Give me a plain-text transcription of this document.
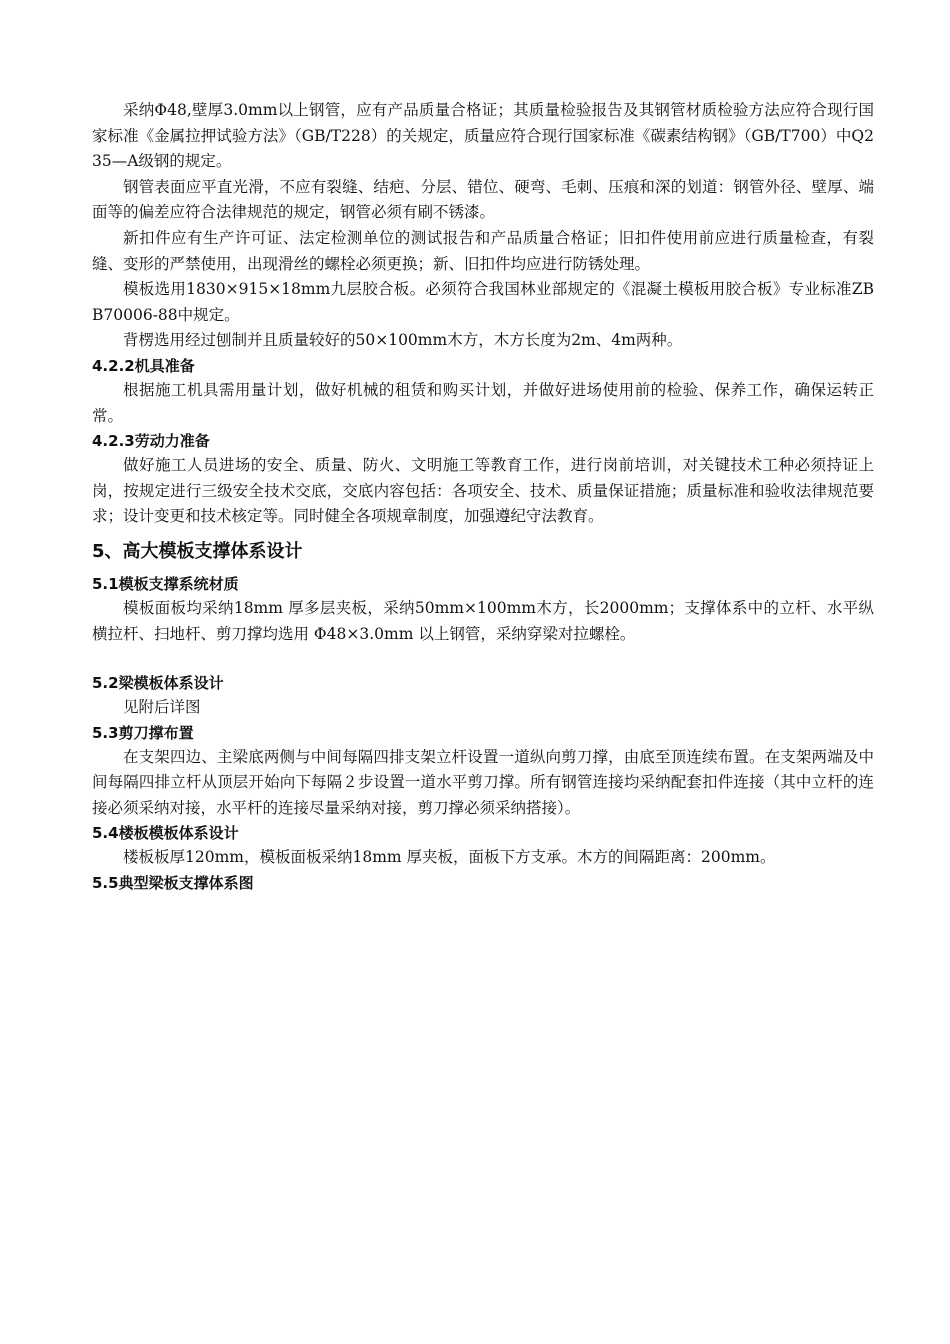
采纳Φ48,壁厚3.0mm以上钢管，应有产品质量合格证；其质量检验报告及其钢管材质检验方法应符合现行国家标准《金属拉押试验方法》（GB/T228）的关规定，质量应符合现行国家标准《碳素结构钢》（GB/T700）中Q235—A级钢的规定。

钢管表面应平直光滑，不应有裂缝、结疤、分层、错位、硬弯、毛刺、压痕和深的划道：钢管外径、壁厚、端面等的偏差应符合法律规范的规定，钢管必须有刷不锈漆。

新扣件应有生产许可证、法定检测单位的测试报告和产品质量合格证；旧扣件使用前应进行质量检查，有裂缝、变形的严禁使用，出现滑丝的螺栓必须更换；新、旧扣件均应进行防锈处理。

模板选用1830×915×18mm九层胶合板。必须符合我国林业部规定的《混凝土模板用胶合板》专业标准ZBB70006-88中规定。

背楞选用经过刨制并且质量较好的50×100mm木方，木方长度为2m、4m两种。

4.2.2机具准备

根据施工机具需用量计划，做好机械的租赁和购买计划，并做好进场使用前的检验、保养工作，确保运转正常。

4.2.3劳动力准备

做好施工人员进场的安全、质量、防火、文明施工等教育工作，进行岗前培训，对关键技术工种必须持证上岗，按规定进行三级安全技术交底，交底内容包括：各项安全、技术、质量保证措施；质量标准和验收法律规范要求；设计变更和技术核定等。同时健全各项规章制度，加强遵纪守法教育。

5、高大模板支撑体系设计
5.1模板支撑系统材质

模板面板均采纳18mm 厚多层夹板，采纳50mm×100mm木方，长2000mm；支撑体系中的立杆、水平纵横拉杆、扫地杆、剪刀撑均选用 Φ48×3.0mm 以上钢管，采纳穿梁对拉螺栓。

5.2梁模板体系设计

见附后详图

5.3剪刀撑布置

在支架四边、主梁底两侧与中间每隔四排支架立杆设置一道纵向剪刀撑，由底至顶连续布置。在支架两端及中间每隔四排立杆从顶层开始向下每隔２步设置一道水平剪刀撑。所有钢管连接均采纳配套扣件连接（其中立杆的连接必须采纳对接，水平杆的连接尽量采纳对接，剪刀撑必须采纳搭接）。

5.4楼板模板体系设计

楼板板厚120mm，模板面板采纳18mm 厚夹板，面板下方支承。木方的间隔距离：200mm。

5.5典型梁板支撑体系图
